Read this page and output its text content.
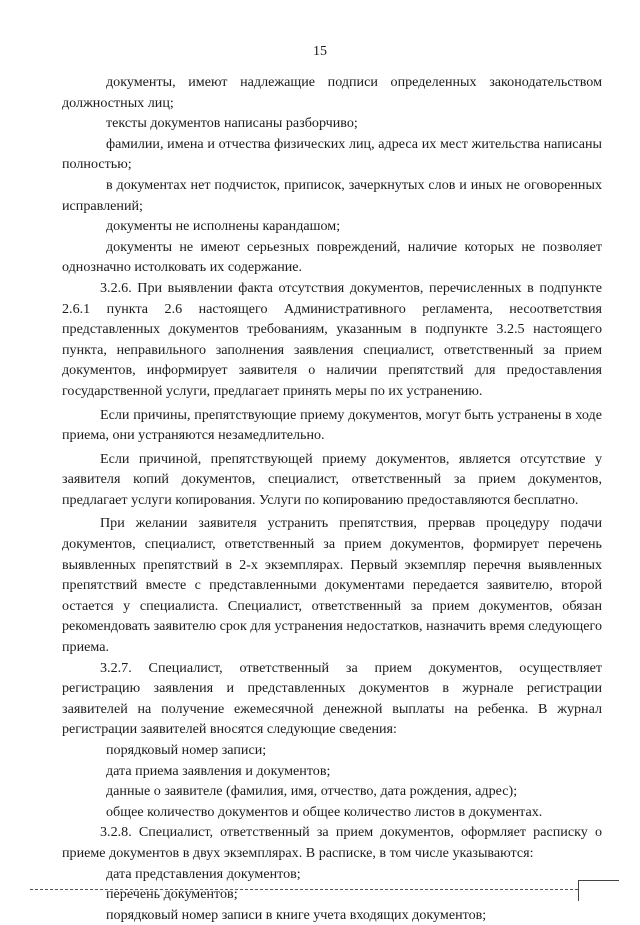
15

документы, имеют надлежащие подписи определенных законодательством должностных лиц;

тексты документов написаны разборчиво;

фамилии, имена и отчества физических лиц, адреса их мест жительства написаны полностью;

в документах нет подчисток, приписок, зачеркнутых слов и иных не оговоренных исправлений;

документы не исполнены карандашом;

документы не имеют серьезных повреждений, наличие которых не позволяет однозначно истолковать их содержание.

3.2.6. При выявлении факта отсутствия документов, перечисленных в подпункте 2.6.1 пункта 2.6 настоящего Административного регламента, несоответствия представленных документов требованиям, указанным в подпункте 3.2.5 настоящего пункта, неправильного заполнения заявления специалист, ответственный за прием документов, информирует заявителя о наличии препятствий для предоставления государственной услуги, предлагает принять меры по их устранению.

Если причины, препятствующие приему документов, могут быть устранены в ходе приема, они устраняются незамедлительно.

Если причиной, препятствующей приему документов, является отсутствие у заявителя копий документов, специалист, ответственный за прием документов, предлагает услуги копирования. Услуги по копированию предоставляются бесплатно.

При желании заявителя устранить препятствия, прервав процедуру подачи документов, специалист, ответственный за прием документов, формирует перечень выявленных препятствий в 2-х экземплярах. Первый экземпляр перечня выявленных препятствий вместе с представленными документами передается заявителю, второй остается у специалиста. Специалист, ответственный за прием документов, обязан рекомендовать заявителю срок для устранения недостатков, назначить время следующего приема.

3.2.7. Специалист, ответственный за прием документов, осуществляет регистрацию заявления и представленных документов в журнале регистрации заявителей на получение ежемесячной денежной выплаты на ребенка. В журнал регистрации заявителей вносятся следующие сведения:

порядковый номер записи;

дата приема заявления и документов;

данные о заявителе (фамилия, имя, отчество, дата рождения, адрес);

общее количество документов и общее количество листов в документах.

3.2.8. Специалист, ответственный за прием документов, оформляет расписку о приеме документов в двух экземплярах. В расписке, в том числе указываются:

дата представления документов;

перечень документов;

порядковый номер записи в книге учета входящих документов;
